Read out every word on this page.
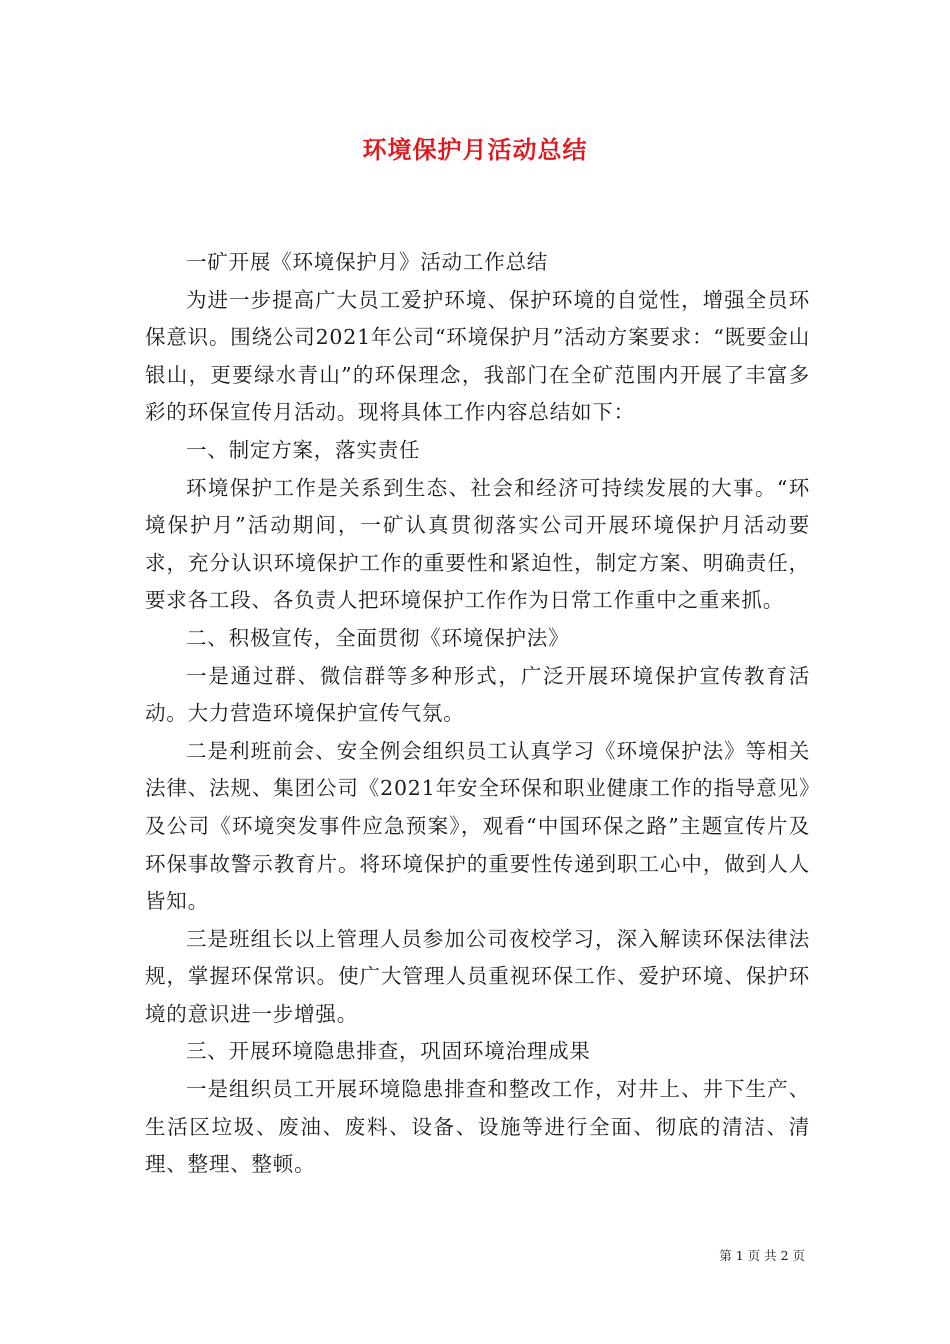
环境保护月活动总结

一矿开展《环境保护月》活动工作总结

为进一步提高广大员工爱护环境、保护环境的自觉性，增强全员环保意识。围绕公司2021年公司“环境保护月”活动方案要求：“既要金山银山，更要绿水青山”的环保理念，我部门在全矿范围内开展了丰富多彩的环保宣传月活动。现将具体工作内容总结如下：

一、制定方案，落实责任

环境保护工作是关系到生态、社会和经济可持续发展的大事。“环境保护月”活动期间，一矿认真贯彻落实公司开展环境保护月活动要求，充分认识环境保护工作的重要性和紧迫性，制定方案、明确责任，要求各工段、各负责人把环境保护工作作为日常工作重中之重来抓。

二、积极宣传，全面贯彻《环境保护法》

一是通过群、微信群等多种形式，广泛开展环境保护宣传教育活动。大力营造环境保护宣传气氛。

二是利班前会、安全例会组织员工认真学习《环境保护法》等相关法律、法规、集团公司《2021年安全环保和职业健康工作的指导意见》及公司《环境突发事件应急预案》，观看“中国环保之路”主题宣传片及环保事故警示教育片。将环境保护的重要性传递到职工心中，做到人人皆知。

三是班组长以上管理人员参加公司夜校学习，深入解读环保法律法规，掌握环保常识。使广大管理人员重视环保工作、爱护环境、保护环境的意识进一步增强。

三、开展环境隐患排查，巩固环境治理成果

一是组织员工开展环境隐患排查和整改工作，对井上、井下生产、生活区垃圾、废油、废料、设备、设施等进行全面、彻底的清洁、清理、整理、整顿。

第 1 页 共 2 页
